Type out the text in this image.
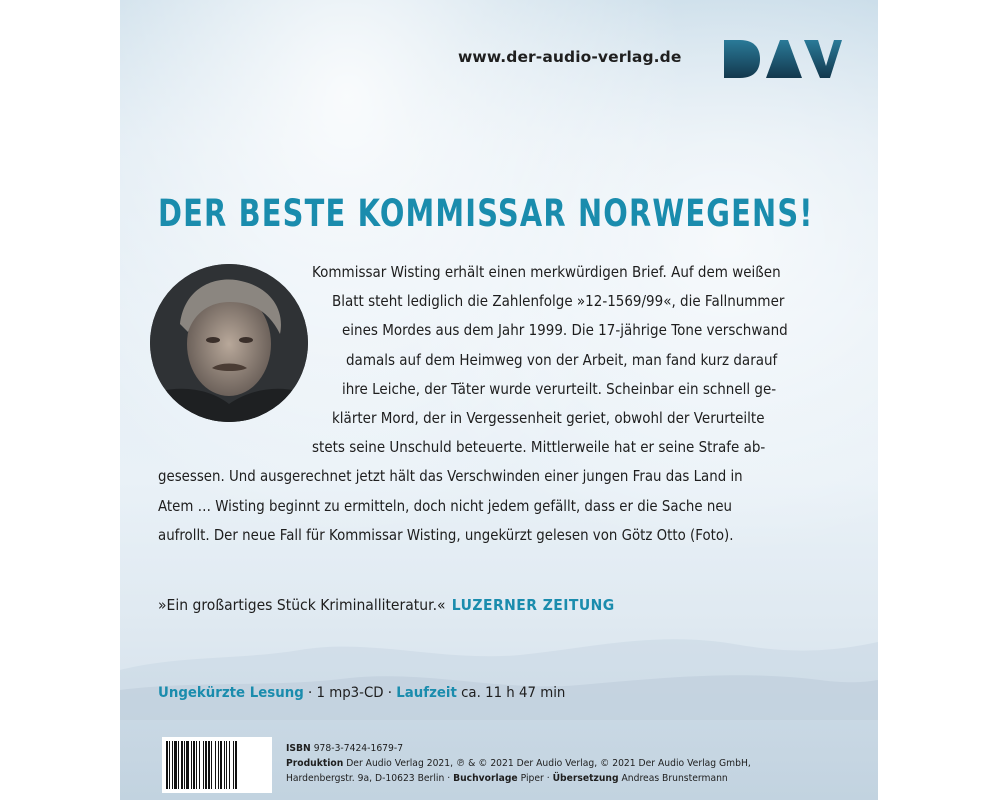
www.der-audio-verlag.de
DER BESTE KOMMISSAR NORWEGENS!
Kommissar Wisting erhält einen merkwürdigen Brief. Auf dem weißen
Blatt steht lediglich die Zahlenfolge »12-1569/99«, die Fallnummer
eines Mordes aus dem Jahr 1999. Die 17-jährige Tone verschwand
damals auf dem Heimweg von der Arbeit, man fand kurz darauf
ihre Leiche, der Täter wurde verurteilt. Scheinbar ein schnell ge-
klärter Mord, der in Vergessenheit geriet, obwohl der Verurteilte
stets seine Unschuld beteuerte. Mittlerweile hat er seine Strafe ab-
gesessen. Und ausgerechnet jetzt hält das Verschwinden einer jungen Frau das Land in
Atem … Wisting beginnt zu ermitteln, doch nicht jedem gefällt, dass er die Sache neu
aufrollt. Der neue Fall für Kommissar Wisting, ungekürzt gelesen von Götz Otto (Foto).
»Ein großartiges Stück Kriminalliteratur.« LUZERNER ZEITUNG
Ungekürzte Lesung · 1 mp3-CD · Laufzeit ca. 11 h 47 min
ISBN 978-3-7424-1679-7
Produktion Der Audio Verlag 2021, ℗ & © 2021 Der Audio Verlag, © 2021 Der Audio Verlag GmbH,
Hardenbergstr. 9a, D-10623 Berlin · Buchvorlage Piper · Übersetzung Andreas Brunstermann
